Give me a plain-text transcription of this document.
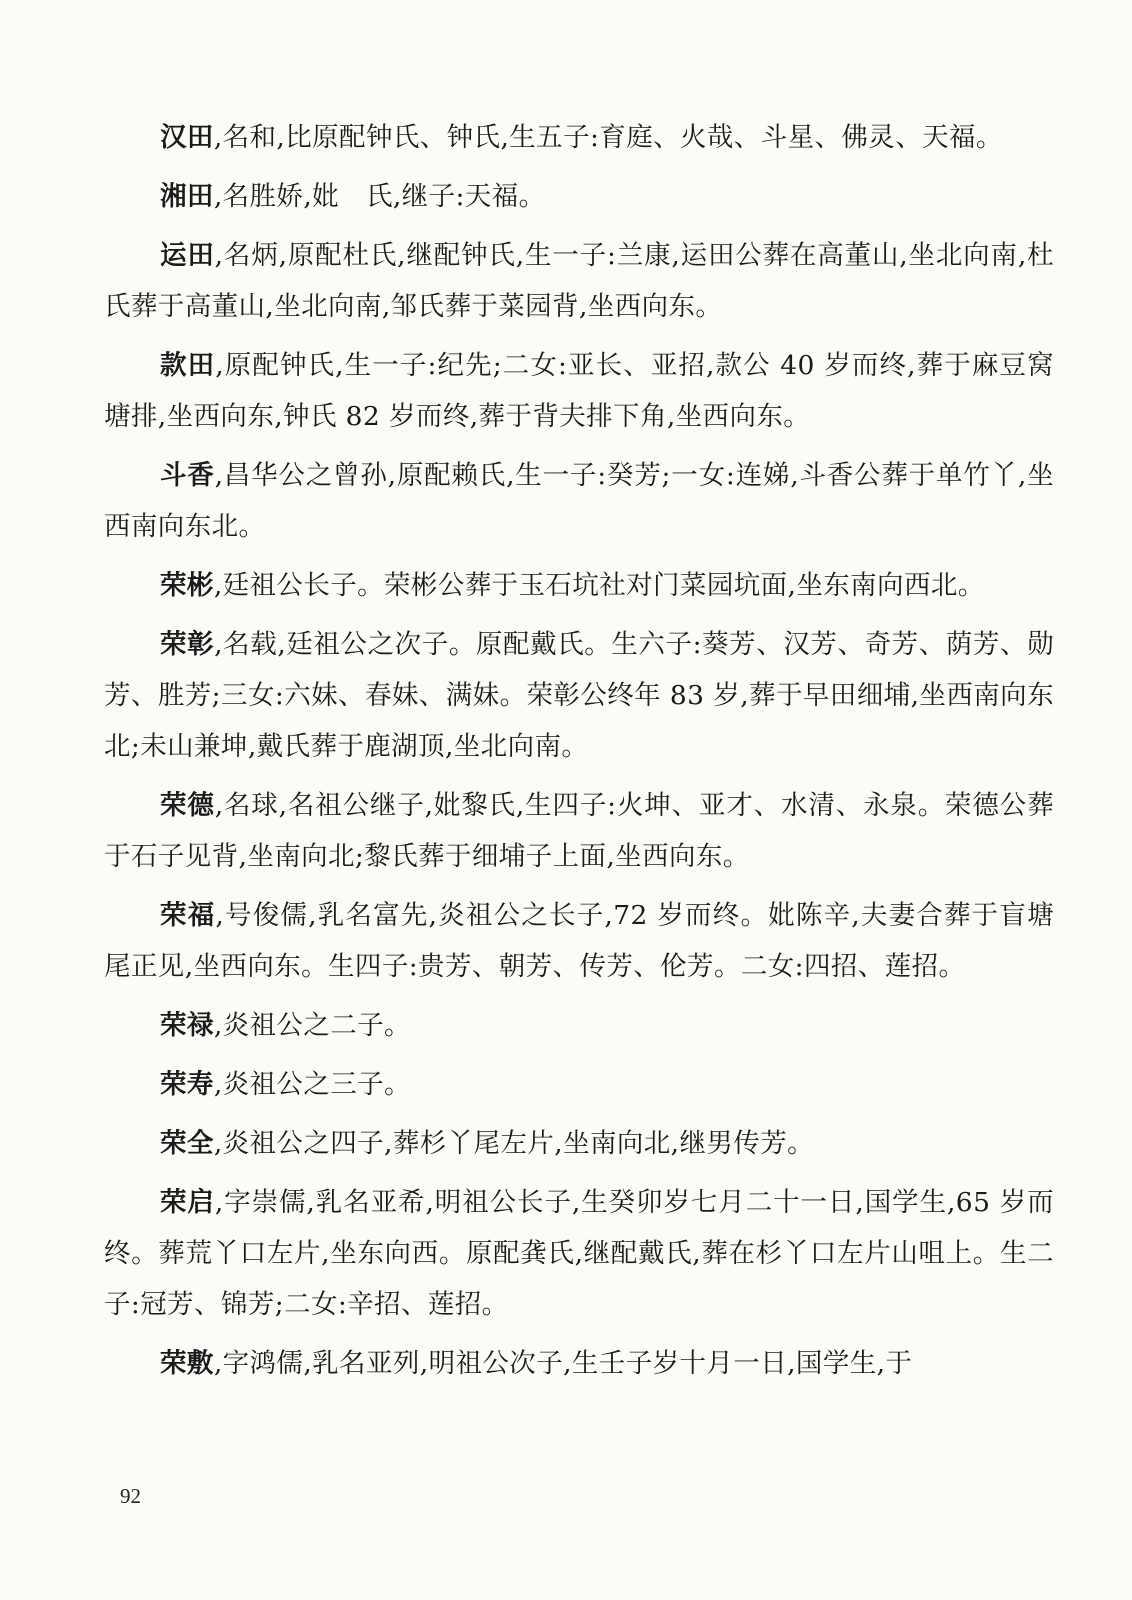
汉田,名和,比原配钟氏、钟氏,生五子:育庭、火哉、斗星、佛灵、天福。

湘田,名胜娇,妣　氏,继子:天福。

运田,名炳,原配杜氏,继配钟氏,生一子:兰康,运田公葬在高董山,坐北向南,杜氏葬于高董山,坐北向南,邹氏葬于菜园背,坐西向东。

款田,原配钟氏,生一子:纪先;二女:亚长、亚招,款公 40 岁而终,葬于麻豆窝塘排,坐西向东,钟氏 82 岁而终,葬于背夫排下角,坐西向东。

斗香,昌华公之曾孙,原配赖氏,生一子:癸芳;一女:连娣,斗香公葬于单竹丫,坐西南向东北。

荣彬,廷祖公长子。荣彬公葬于玉石坑社对门菜园坑面,坐东南向西北。

荣彰,名载,廷祖公之次子。原配戴氏。生六子:葵芳、汉芳、奇芳、荫芳、勋芳、胜芳;三女:六妹、春妹、满妹。荣彰公终年 83 岁,葬于早田细埔,坐西南向东北;未山兼坤,戴氏葬于鹿湖顶,坐北向南。

荣德,名球,名祖公继子,妣黎氏,生四子:火坤、亚才、水清、永泉。荣德公葬于石子见背,坐南向北;黎氏葬于细埔子上面,坐西向东。

荣福,号俊儒,乳名富先,炎祖公之长子,72 岁而终。妣陈辛,夫妻合葬于盲塘尾正见,坐西向东。生四子:贵芳、朝芳、传芳、伦芳。二女:四招、莲招。

荣禄,炎祖公之二子。

荣寿,炎祖公之三子。

荣全,炎祖公之四子,葬杉丫尾左片,坐南向北,继男传芳。

荣启,字崇儒,乳名亚希,明祖公长子,生癸卯岁七月二十一日,国学生,65 岁而终。葬荒丫口左片,坐东向西。原配龚氏,继配戴氏,葬在杉丫口左片山咀上。生二子:冠芳、锦芳;二女:辛招、莲招。

荣敷,字鸿儒,乳名亚列,明祖公次子,生壬子岁十月一日,国学生,于

92
